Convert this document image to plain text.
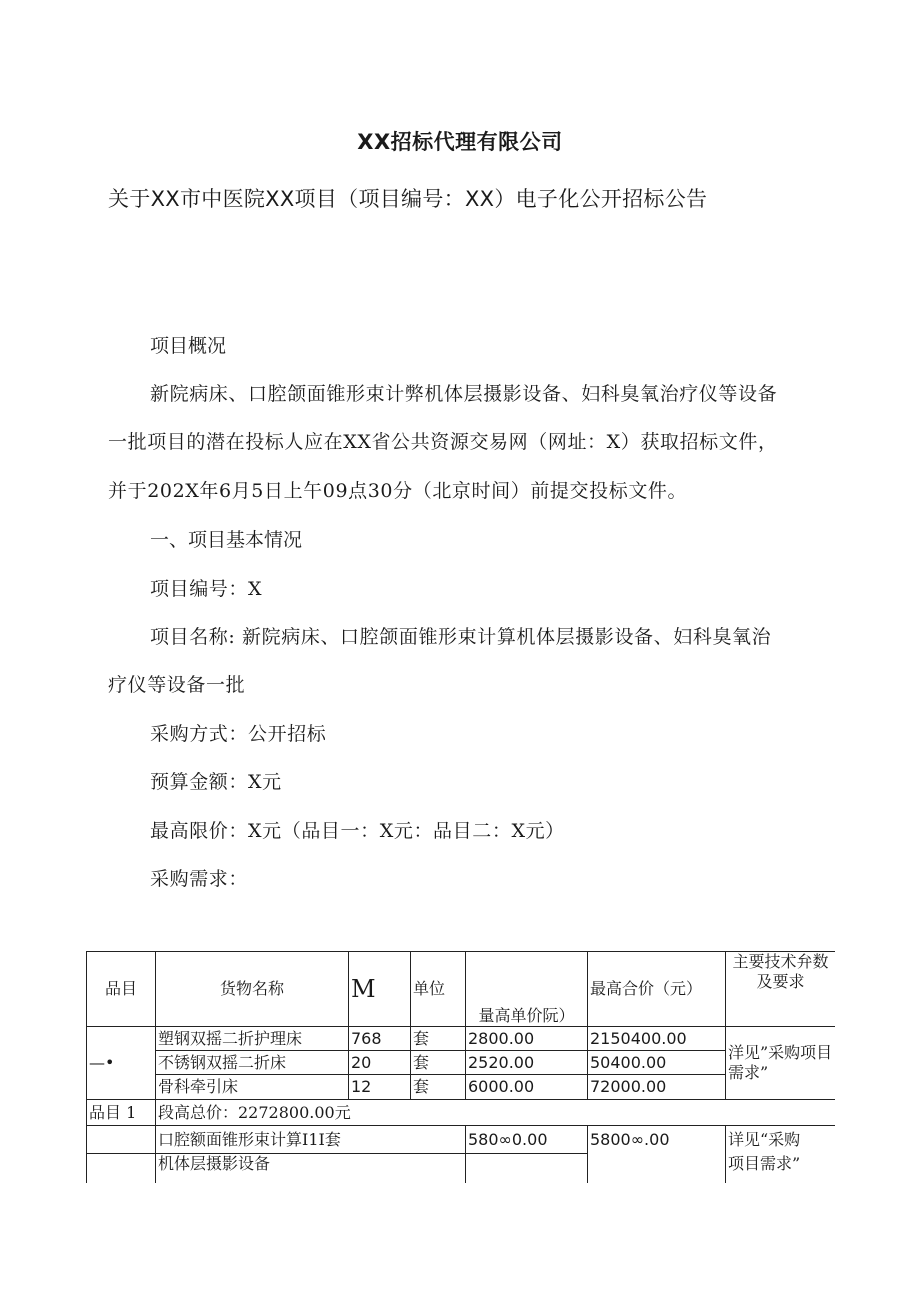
XX招标代理有限公司
关于XX市中医院XX项目（项目编号：XX）电子化公开招标公告
项目概况
新院病床、口腔颌面锥形束计弊机体层摄影设备、妇科臭氧治疗仪等设备
一批项目的潜在投标人应在XX省公共资源交易网（网址：X）获取招标文件，
并于202X年6月5日上午09点30分（北京时间）前提交投标文件。
一、项目基本情况
项目编号：X
项目名称: 新院病床、口腔颌面锥形束计算机体层摄影设备、妇科臭氧治
疗仪等设备一批
采购方式：公开招标
预算金额：X元
最高限价：X元（品目一：X元：品目二：X元）
采购需求：
品目	货物名称	M	单位	量高单价阮）	最高合价（元）	主要技术弁数及要求
—•	塑钢双摇二折护理床	768	套	2800.00	2150400.00	洋见”采购项目需求”
	不锈钢双摇二折床	20	套	2520.00	50400.00	
	骨科牵引床	12	套	6000.00	72000.00	
品目 1	段高总价：2272800.00元					
	口腔额面锥形束计算I1I套			580∞0.00	5800∞.00	详见“采购
	机体层摄影设备					项目需求”
